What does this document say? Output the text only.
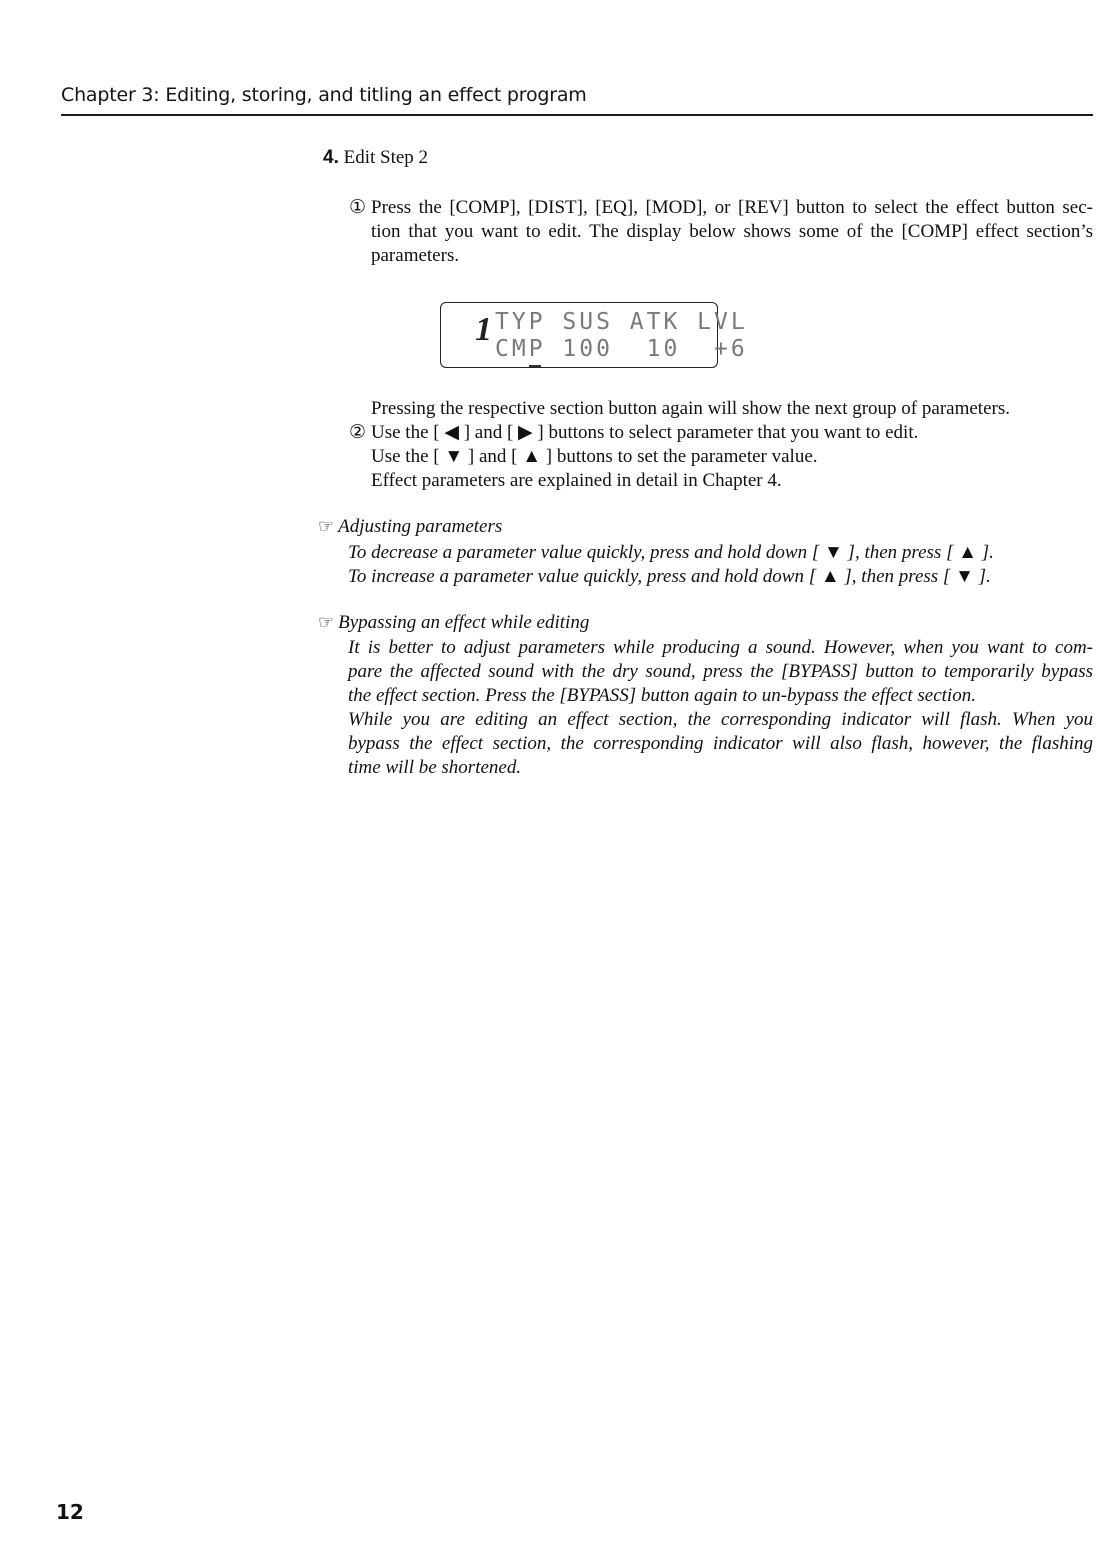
Chapter 3: Editing, storing, and titling an effect program
4. Edit Step 2
① Press the [COMP], [DIST], [EQ], [MOD], or [REV] button to select the effect button sec-
tion that you want to edit. The display below shows some of the [COMP] effect section’s
parameters.
1 TYP SUS ATK LVL
CMP 100  10  +6
Pressing the respective section button again will show the next group of parameters.
② Use the [ ◀ ] and [ ▶ ] buttons to select parameter that you want to edit.
Use the [ ▼ ] and [ ▲ ] buttons to set the parameter value.
Effect parameters are explained in detail in Chapter 4.
☞ Adjusting parameters
To decrease a parameter value quickly, press and hold down [ ▼ ], then press [ ▲ ].
To increase a parameter value quickly, press and hold down [ ▲ ], then press [ ▼ ].
☞ Bypassing an effect while editing
It is better to adjust parameters while producing a sound. However, when you want to com-
pare the affected sound with the dry sound, press the [BYPASS] button to temporarily bypass
the effect section. Press the [BYPASS] button again to un-bypass the effect section.
While you are editing an effect section, the corresponding indicator will flash. When you
bypass the effect section, the corresponding indicator will also flash, however, the flashing
time will be shortened.
12
